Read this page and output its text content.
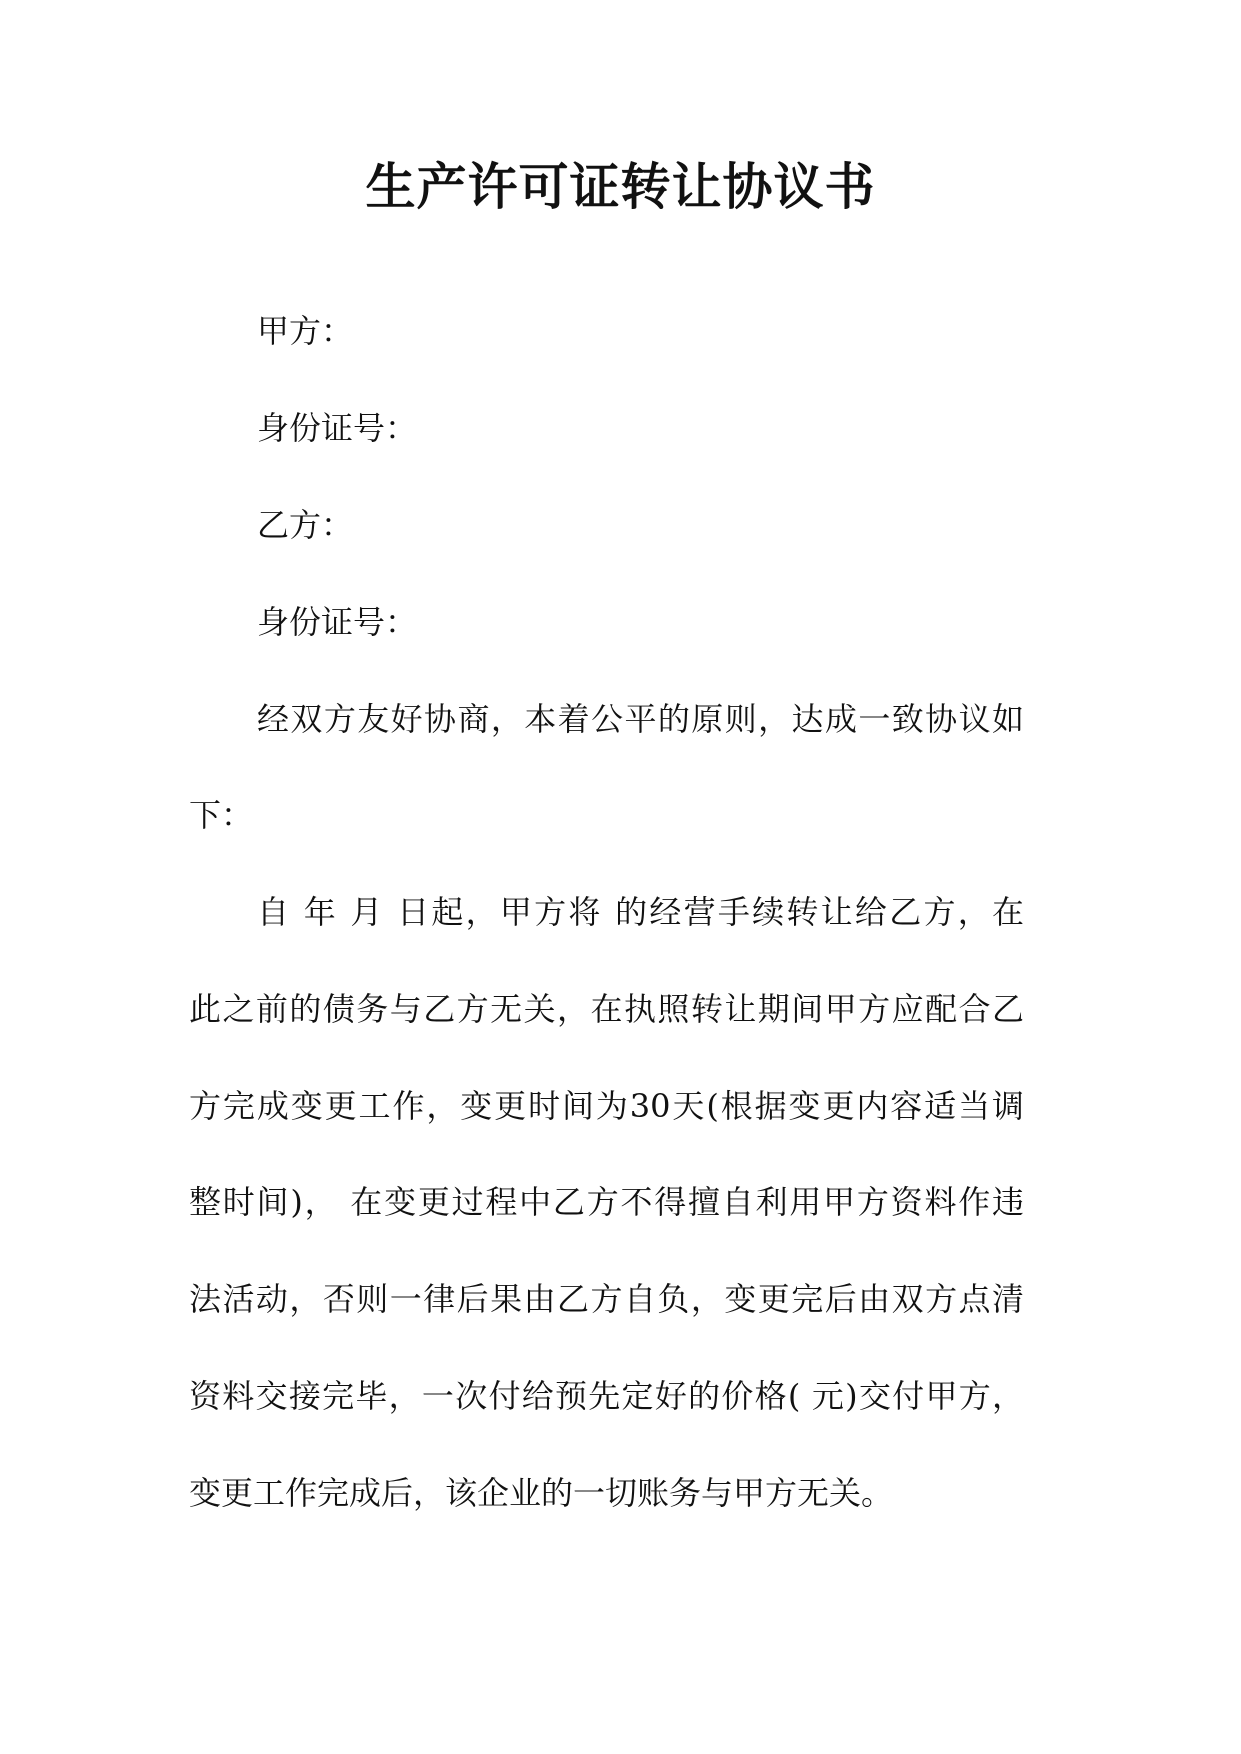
生产许可证转让协议书
甲方：
身份证号：
乙方：
身份证号：
经双方友好协商，本着公平的原则，达成一致协议如
下：
自 年 月 日起，甲方将 的经营手续转让给乙方，在
此之前的债务与乙方无关，在执照转让期间甲方应配合乙
方完成变更工作，变更时间为30天(根据变更内容适当调
整时间)， 在变更过程中乙方不得擅自利用甲方资料作违
法活动，否则一律后果由乙方自负，变更完后由双方点清
资料交接完毕，一次付给预先定好的价格( 元)交付甲方，
变更工作完成后，该企业的一切账务与甲方无关。
